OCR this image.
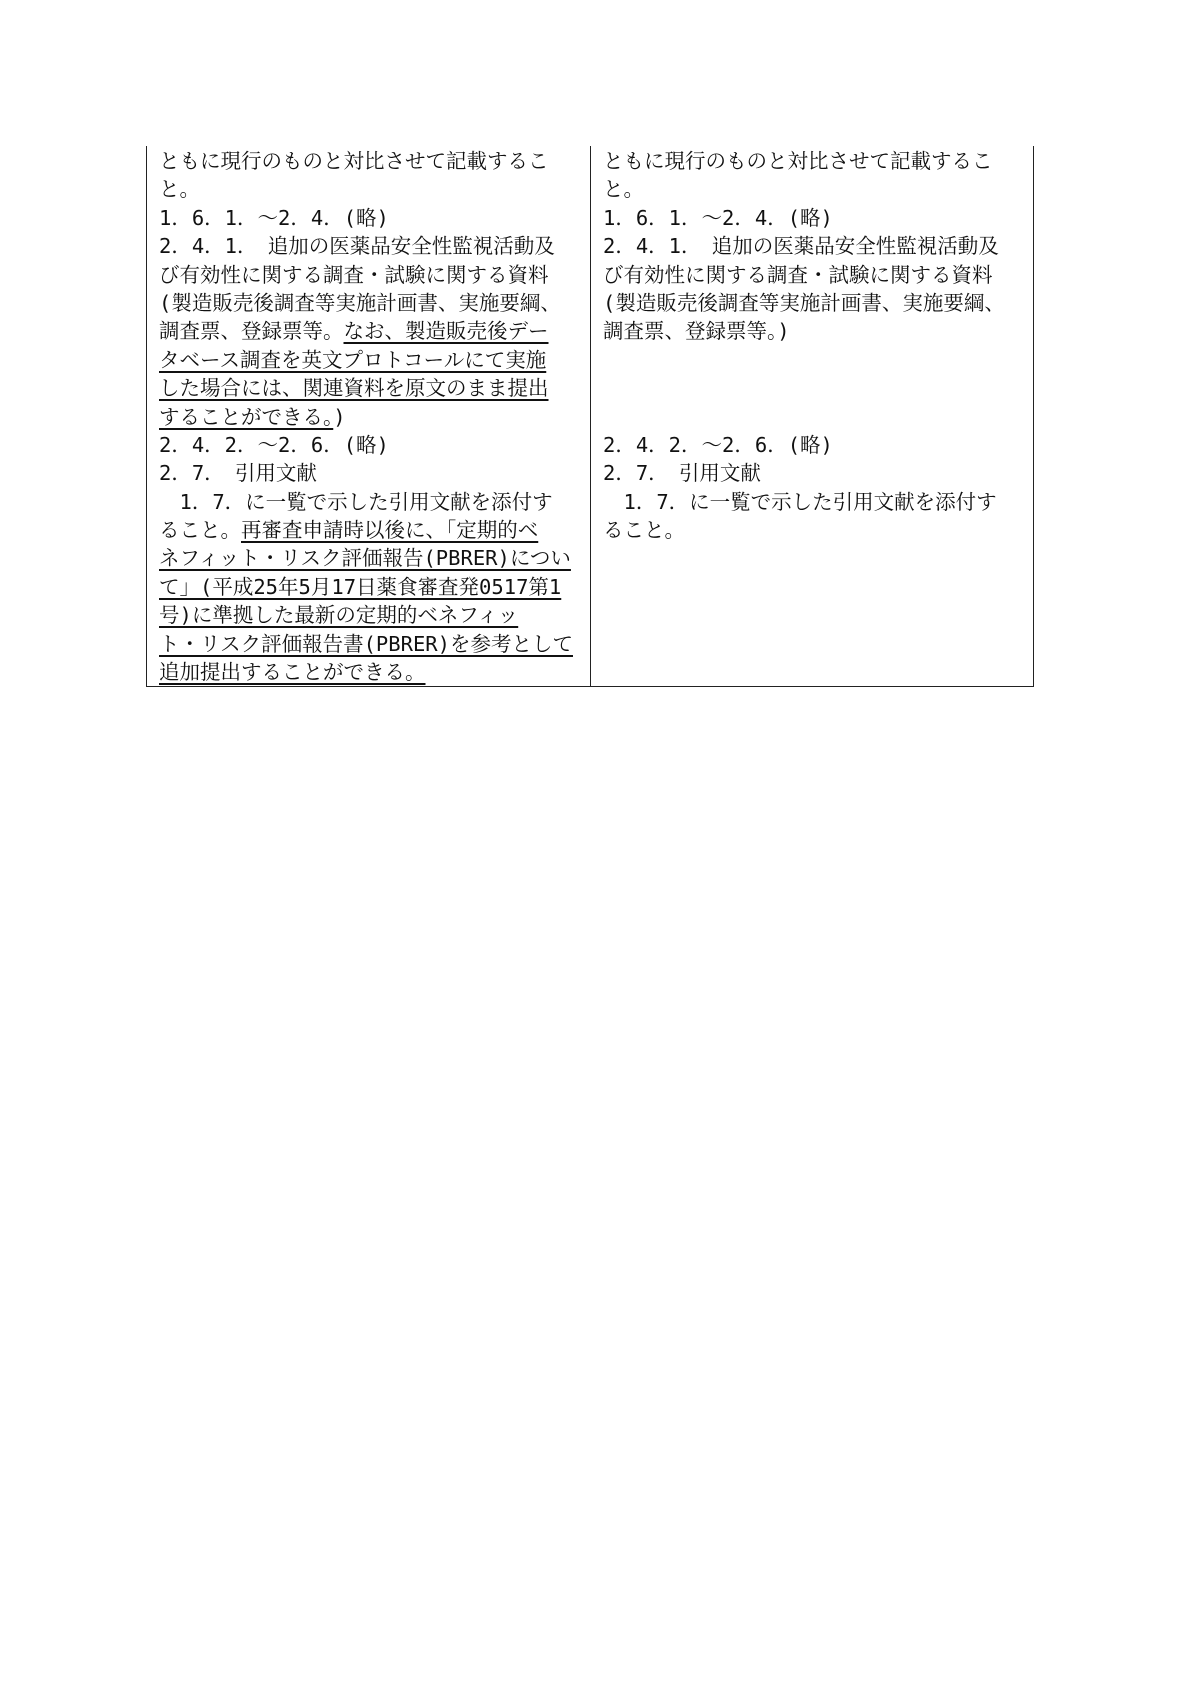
ともに現行のものと対比させて記載するこ
と。
1．6．1．～2．4．(略)
2．4．1．　追加の医薬品安全性監視活動及
び有効性に関する調査・試験に関する資料
(製造販売後調査等実施計画書、実施要綱、
調査票、登録票等。なお、製造販売後デー
タベース調査を英文プロトコールにて実施
した場合には、関連資料を原文のまま提出
することができる。)
2．4．2．～2．6．(略)
2．7．　引用文献
　1．7．に一覧で示した引用文献を添付す
ること。再審査申請時以後に、「定期的ベ
ネフィット・リスク評価報告(PBRER)につい
て」(平成25年5月17日薬食審査発0517第1
号)に準拠した最新の定期的ベネフィッ
ト・リスク評価報告書(PBRER)を参考として
追加提出することができる。
ともに現行のものと対比させて記載するこ
と。
1．6．1．～2．4．(略)
2．4．1．　追加の医薬品安全性監視活動及
び有効性に関する調査・試験に関する資料
(製造販売後調査等実施計画書、実施要綱、
調査票、登録票等。)
2．4．2．～2．6．(略)
2．7．　引用文献
　1．7．に一覧で示した引用文献を添付す
ること。
